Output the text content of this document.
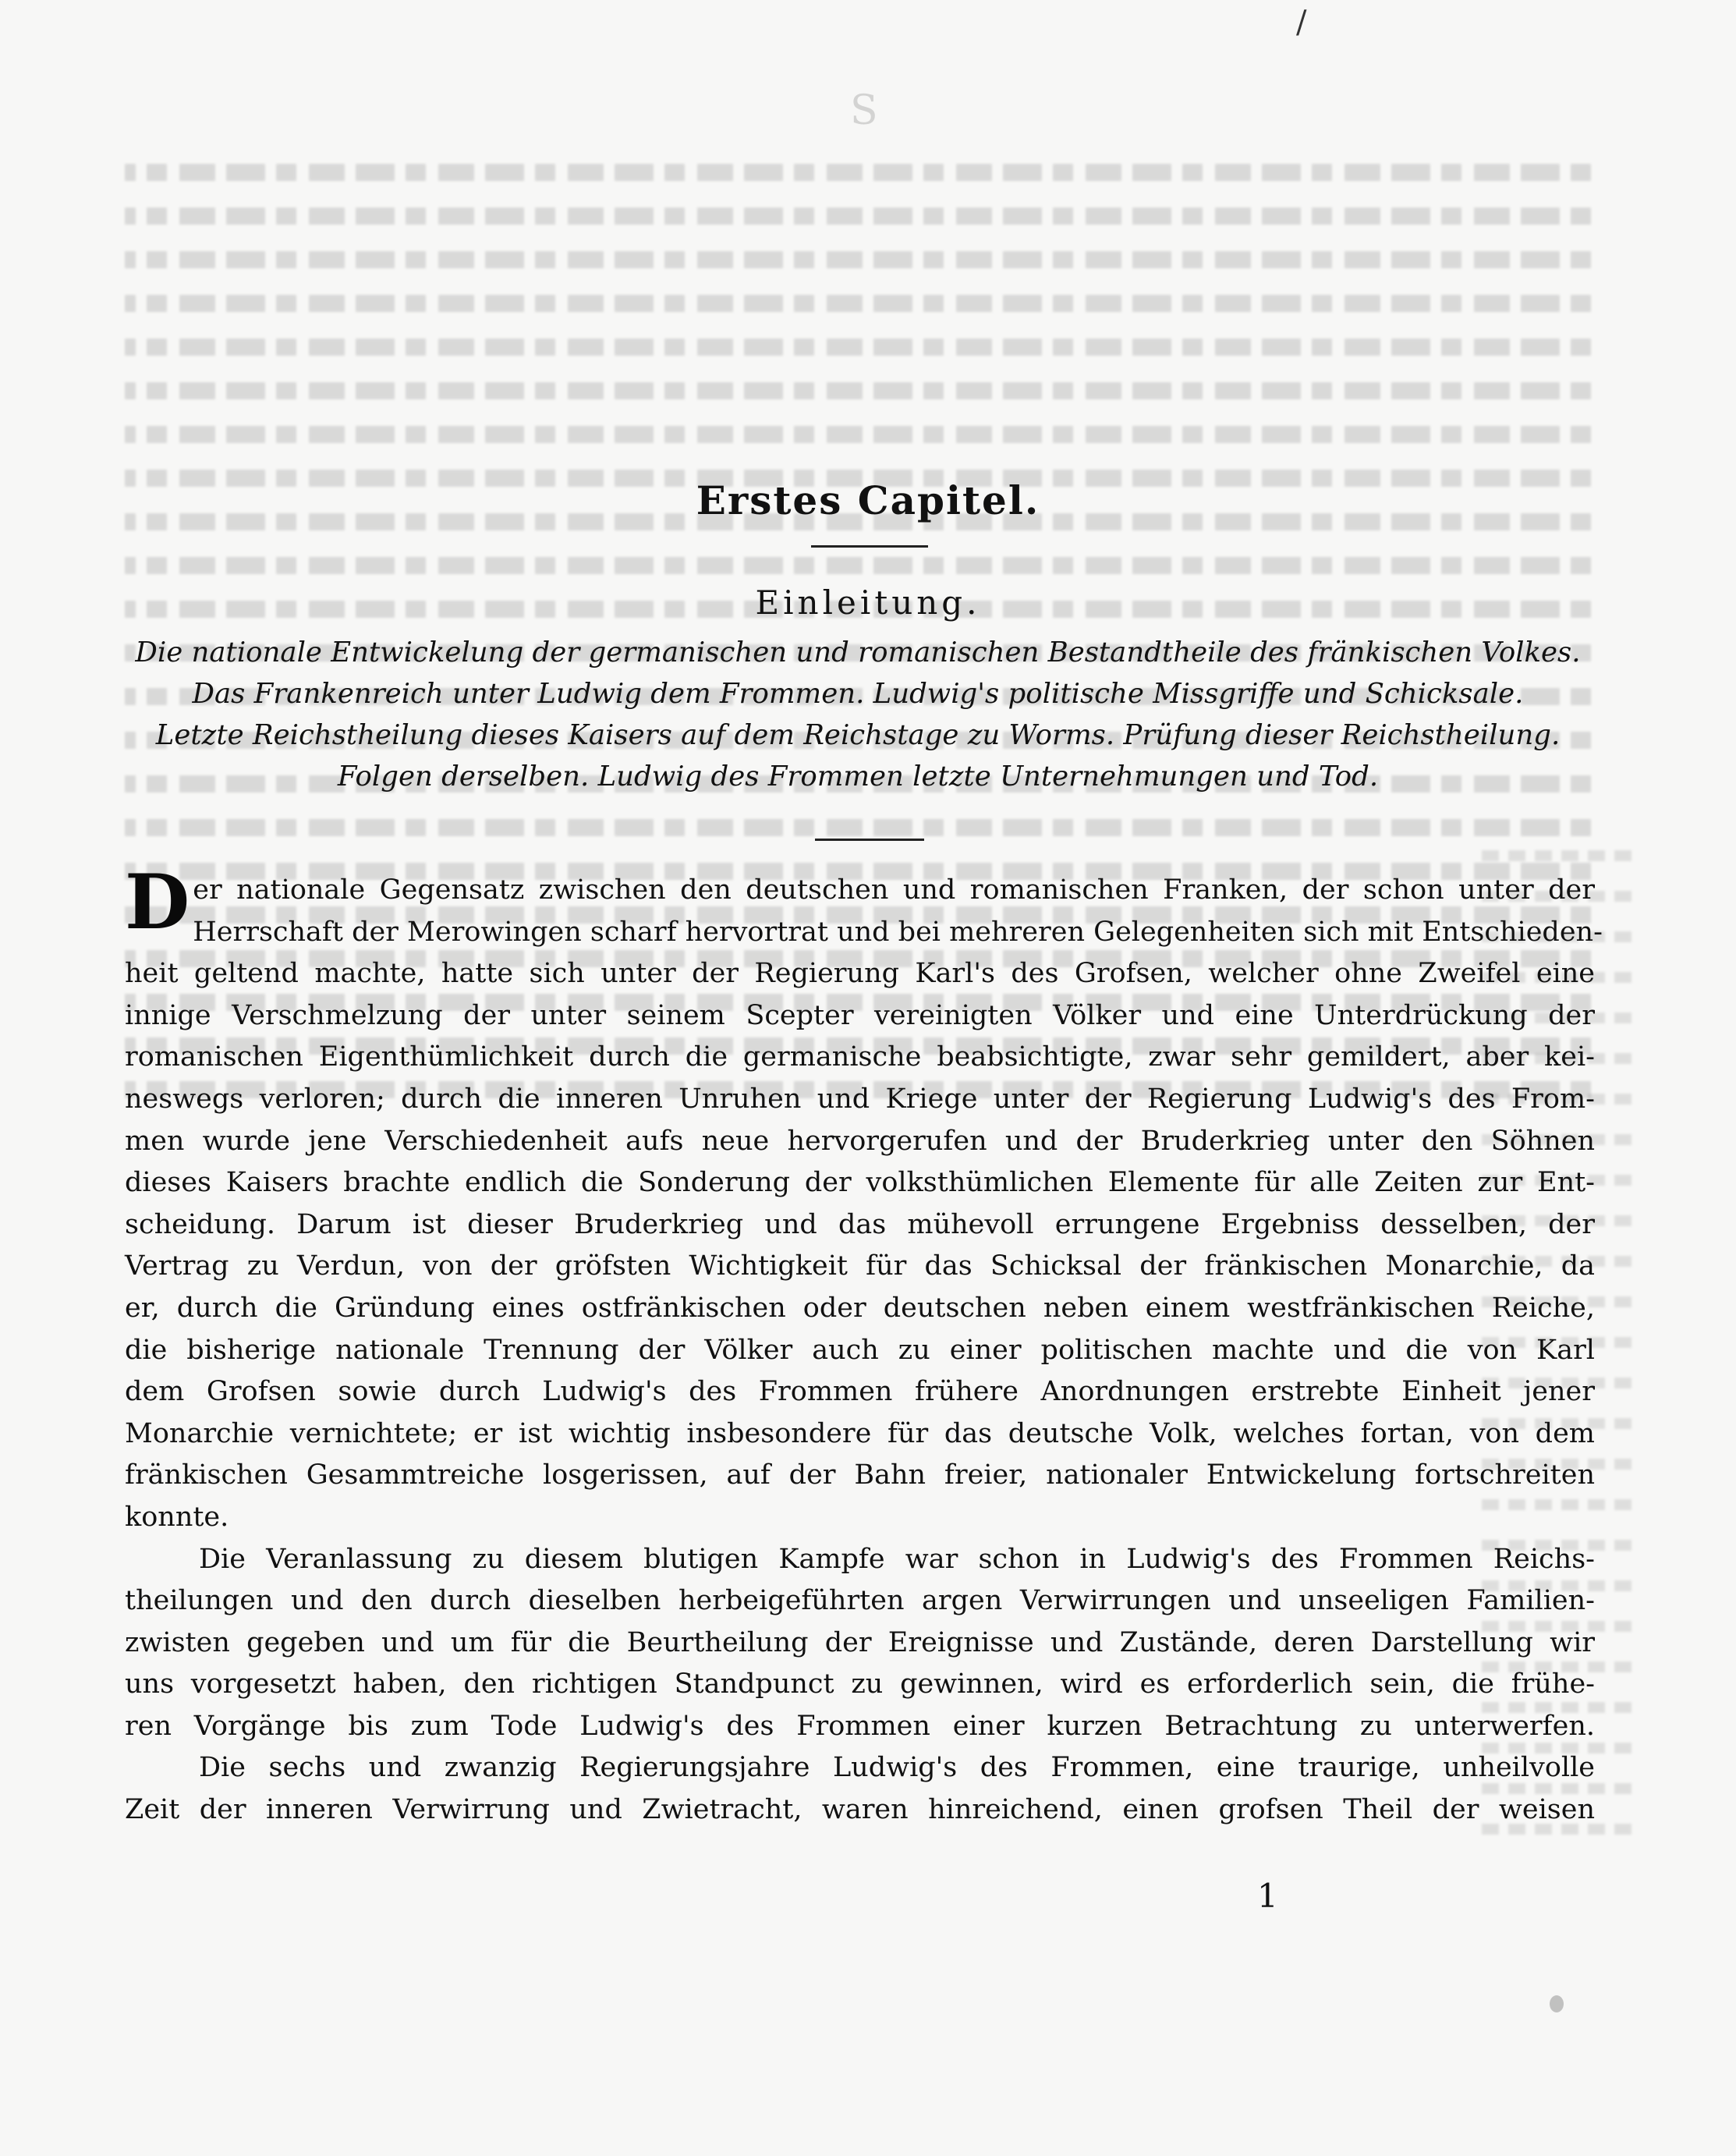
/
S
Erstes Capitel.
Einleitung.
Die nationale Entwickelung der germanischen und romanischen Bestandtheile des fränkischen Volkes.
Das Frankenreich unter Ludwig dem Frommen. Ludwig's politische Missgriffe und Schicksale.
Letzte Reichstheilung dieses Kaisers auf dem Reichstage zu Worms. Prüfung dieser Reichstheilung.
Folgen derselben. Ludwig des Frommen letzte Unternehmungen und Tod.
D er nationale Gegensatz zwischen den deutschen und romanischen Franken, der schon unter der
Herrschaft der Merowingen scharf hervortrat und bei mehreren Gelegenheiten sich mit Entschieden-
heit geltend machte, hatte sich unter der Regierung Karl's des Grofsen, welcher ohne Zweifel eine
innige Verschmelzung der unter seinem Scepter vereinigten Völker und eine Unterdrückung der
romanischen Eigenthümlichkeit durch die germanische beabsichtigte, zwar sehr gemildert, aber kei-
neswegs verloren; durch die inneren Unruhen und Kriege unter der Regierung Ludwig's des From-
men wurde jene Verschiedenheit aufs neue hervorgerufen und der Bruderkrieg unter den Söhnen
dieses Kaisers brachte endlich die Sonderung der volksthümlichen Elemente für alle Zeiten zur Ent-
scheidung. Darum ist dieser Bruderkrieg und das mühevoll errungene Ergebniss desselben, der
Vertrag zu Verdun, von der gröfsten Wichtigkeit für das Schicksal der fränkischen Monarchie, da
er, durch die Gründung eines ostfränkischen oder deutschen neben einem westfränkischen Reiche,
die bisherige nationale Trennung der Völker auch zu einer politischen machte und die von Karl
dem Grofsen sowie durch Ludwig's des Frommen frühere Anordnungen erstrebte Einheit jener
Monarchie vernichtete; er ist wichtig insbesondere für das deutsche Volk, welches fortan, von dem
fränkischen Gesammtreiche losgerissen, auf der Bahn freier, nationaler Entwickelung fortschreiten
konnte.
Die Veranlassung zu diesem blutigen Kampfe war schon in Ludwig's des Frommen Reichs-
theilungen und den durch dieselben herbeigeführten argen Verwirrungen und unseeligen Familien-
zwisten gegeben und um für die Beurtheilung der Ereignisse und Zustände, deren Darstellung wir
uns vorgesetzt haben, den richtigen Standpunct zu gewinnen, wird es erforderlich sein, die frühe-
ren Vorgänge bis zum Tode Ludwig's des Frommen einer kurzen Betrachtung zu unterwerfen.
Die sechs und zwanzig Regierungsjahre Ludwig's des Frommen, eine traurige, unheilvolle
Zeit der inneren Verwirrung und Zwietracht, waren hinreichend, einen grofsen Theil der weisen
1
